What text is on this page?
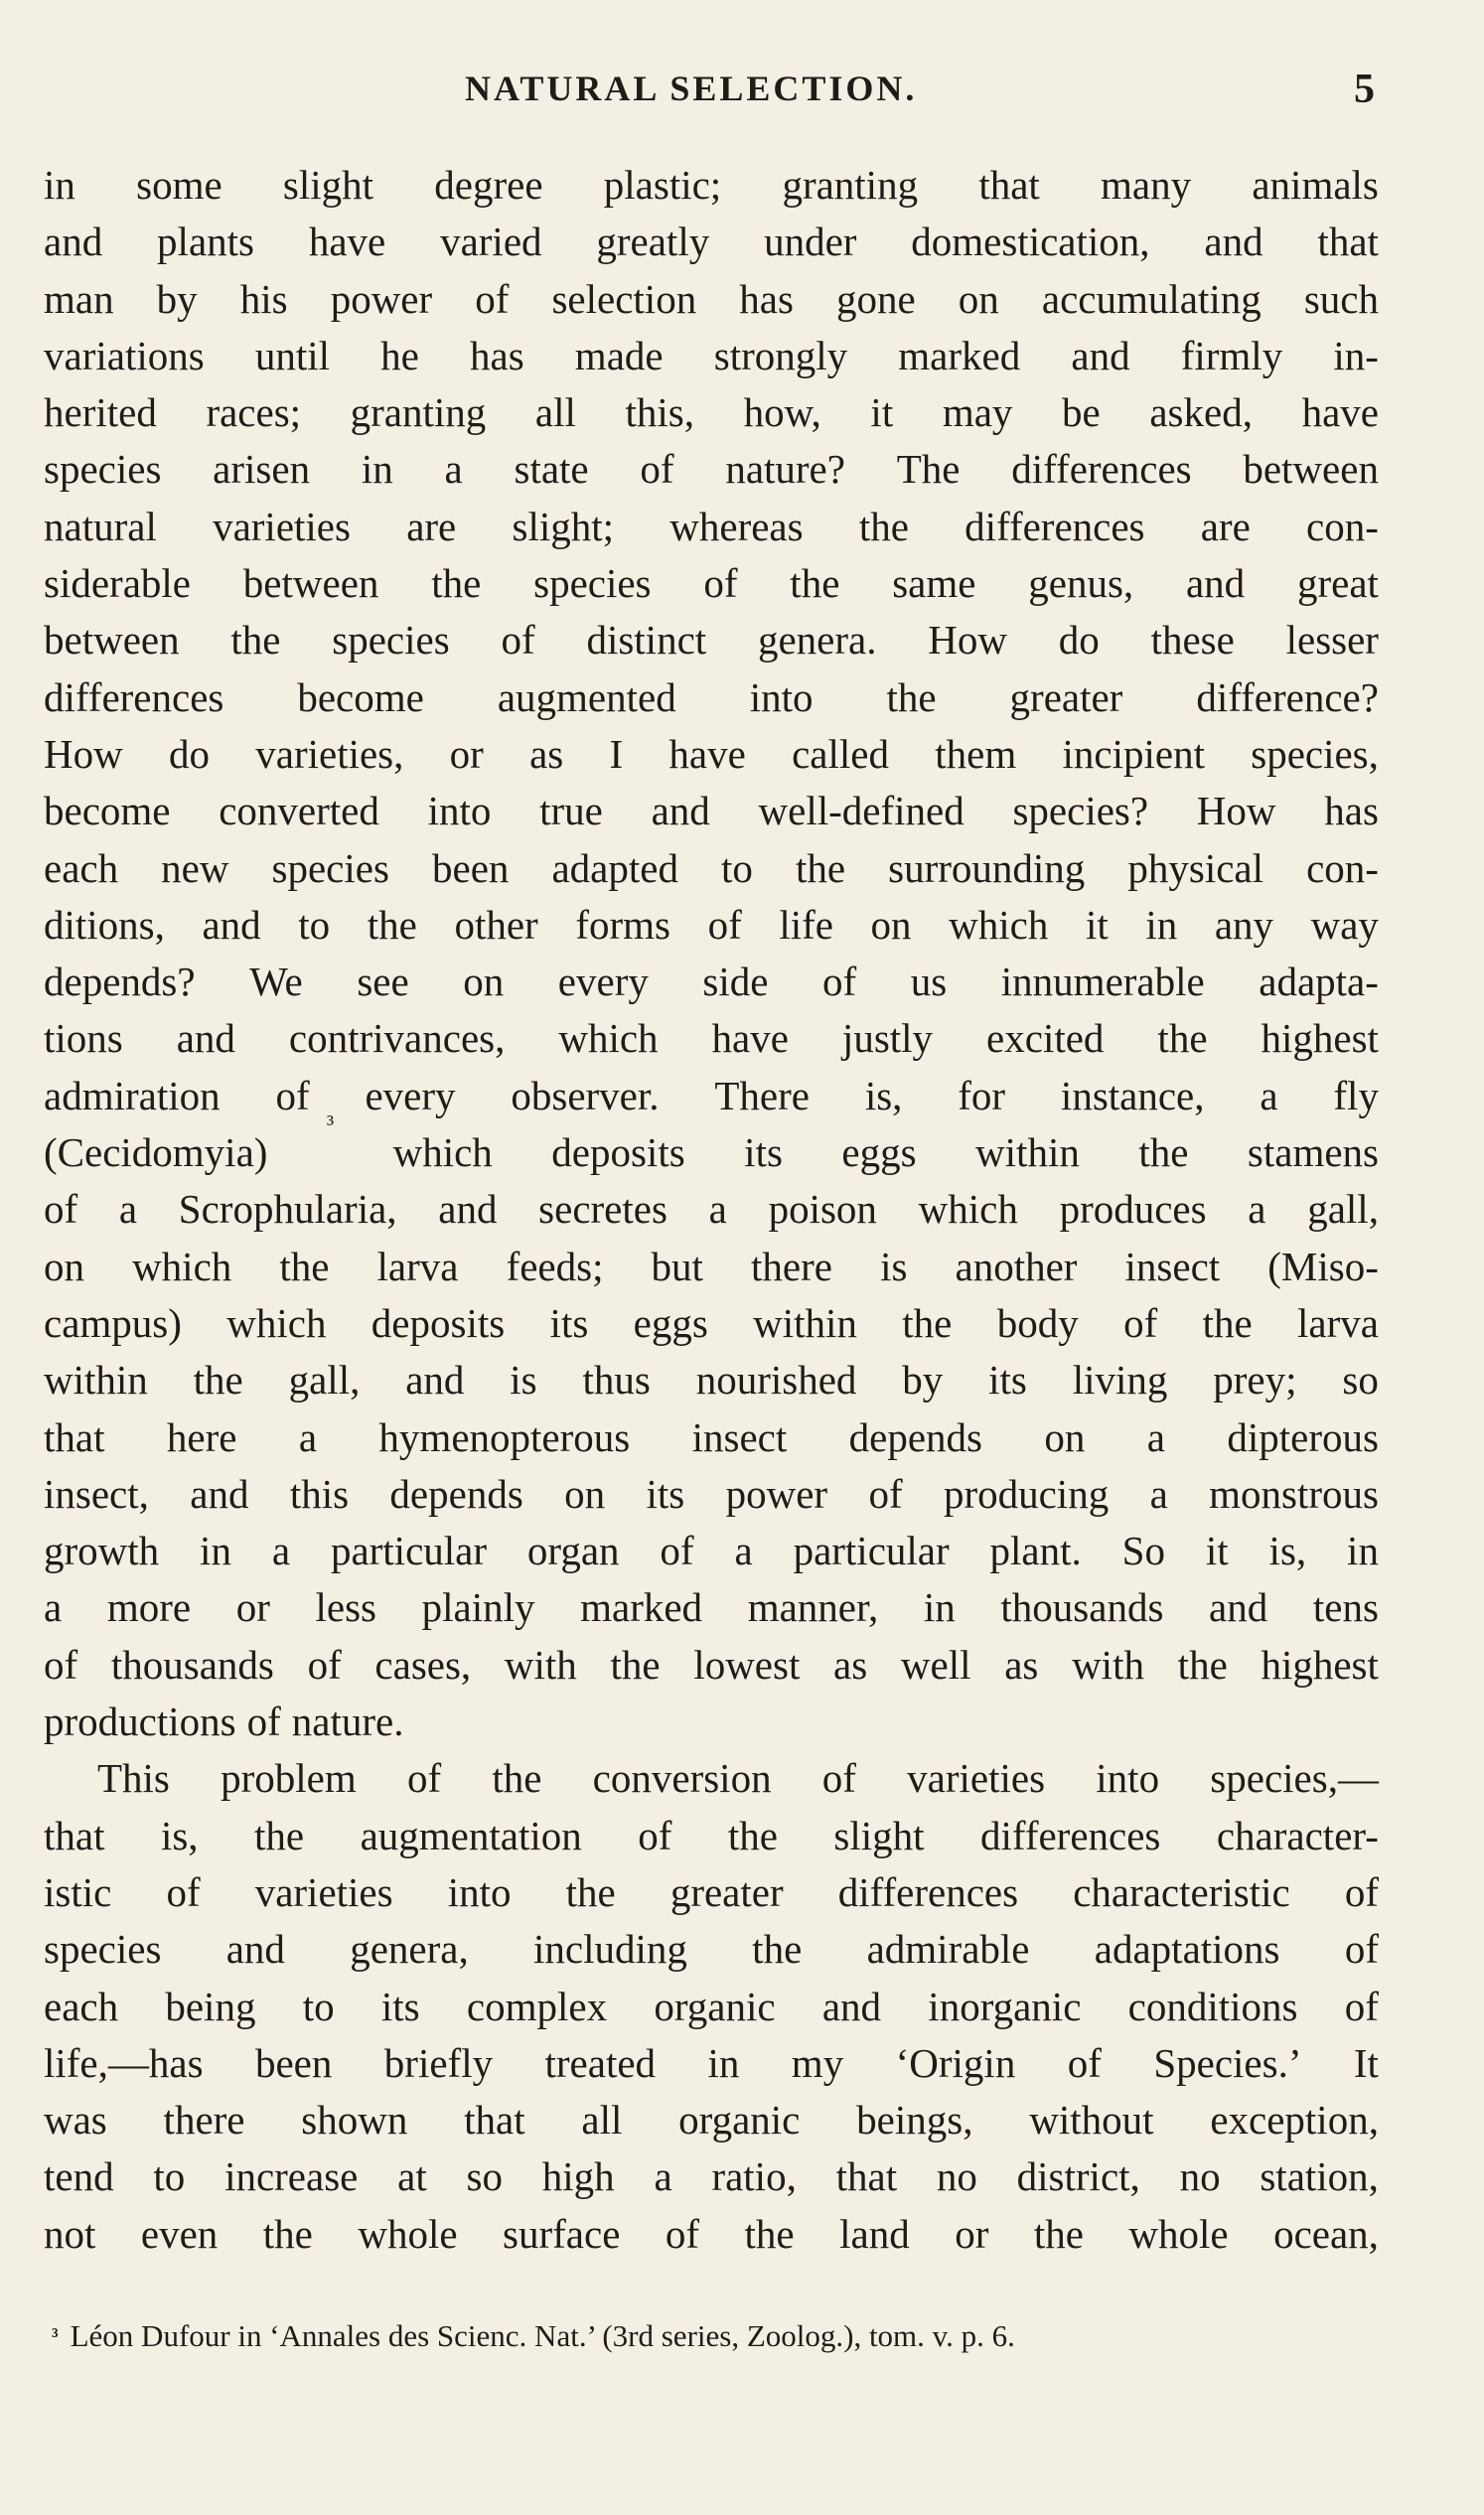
NATURAL SELECTION.	5
in some slight degree plastic; granting that many animals
and plants have varied greatly under domestication, and that
man by his power of selection has gone on accumulating such
variations until he has made strongly marked and firmly in-
herited races; granting all this, how, it may be asked, have
species arisen in a state of nature? The differences between
natural varieties are slight; whereas the differences are con-
siderable between the species of the same genus, and great
between the species of distinct genera. How do these lesser
differences become augmented into the greater difference?
How do varieties, or as I have called them incipient species,
become converted into true and well-defined species? How has
each new species been adapted to the surrounding physical con-
ditions, and to the other forms of life on which it in any way
depends? We see on every side of us innumerable adapta-
tions and contrivances, which have justly excited the highest
admiration of every observer. There is, for instance, a fly
(Cecidomyia)
³
which deposits its eggs within the stamens
of a Scrophularia, and secretes a poison which produces a gall,
on which the larva feeds; but there is another insect (Miso-
campus) which deposits its eggs within the body of the larva
within the gall, and is thus nourished by its living prey; so
that here a hymenopterous insect depends on a dipterous
insect, and this depends on its power of producing a monstrous
growth in a particular organ of a particular plant. So it is, in
a more or less plainly marked manner, in thousands and tens
of thousands of cases, with the lowest as well as with the highest
productions of nature.
This problem of the conversion of varieties into species,—
that is, the augmentation of the slight differences character-
istic of varieties into the greater differences characteristic of
species and genera, including the admirable adaptations of
each being to its complex organic and inorganic conditions of
life,—has been briefly treated in my ‘Origin of Species.’ It
was there shown that all organic beings, without exception,
tend to increase at so high a ratio, that no district, no station,
not even the whole surface of the land or the whole ocean,
$^{^3}$ Léon Dufour in ‘Annales des Scienc. Nat.’ (3rd series, Zoolog.), tom. v. p. 6.
